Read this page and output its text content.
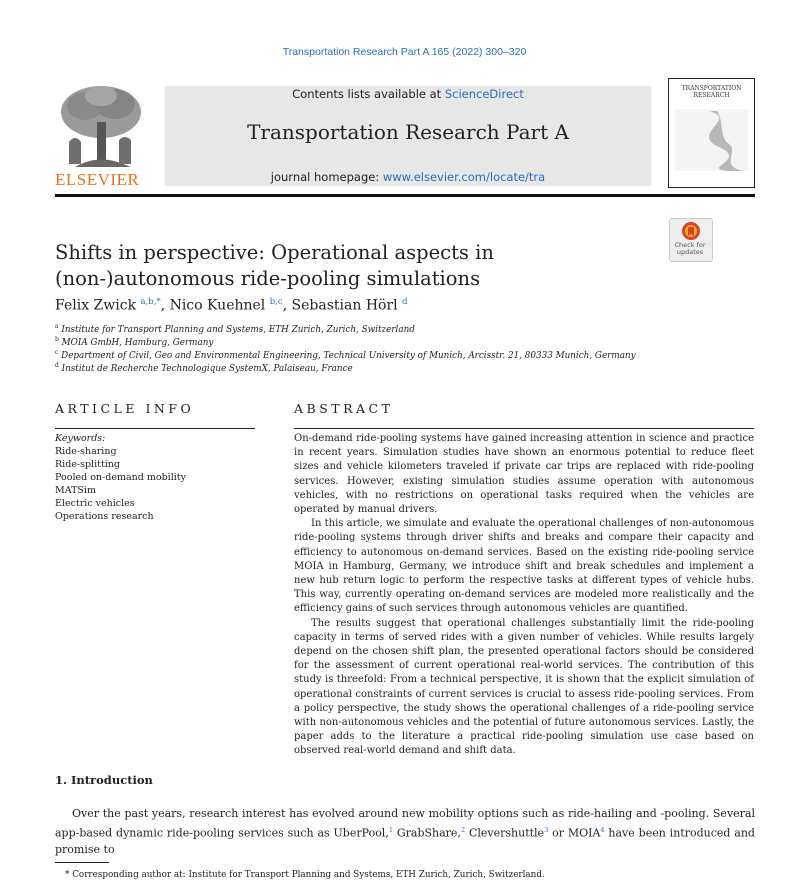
Transportation Research Part A 165 (2022) 300–320
ELSEVIER
Contents lists available at ScienceDirect
Transportation Research Part A
journal homepage: www.elsevier.com/locate/tra
TRANSPORTATION
RESEARCH
Check for updates
Shifts in perspective: Operational aspects in (non-)autonomous ride-pooling simulations
Felix Zwick $^{a,b,*}$, Nico Kuehnel $^{b,c}$, Sebastian Hörl $^d$
$^a$ Institute for Transport Planning and Systems, ETH Zurich, Zurich, Switzerland
$^b$ MOIA GmbH, Hamburg, Germany
$^c$ Department of Civil, Geo and Environmental Engineering, Technical University of Munich, Arcisstr. 21, 80333 Munich, Germany
$^d$ Institut de Recherche Technologique SystemX, Palaiseau, France
ARTICLE INFO
Keywords:
Ride-sharing
Ride-splitting
Pooled on-demand mobility
MATSim
Electric vehicles
Operations research
ABSTRACT

On-demand ride-pooling systems have gained increasing attention in science and practice in recent years. Simulation studies have shown an enormous potential to reduce fleet sizes and vehicle kilometers traveled if private car trips are replaced with ride-pooling services. However, existing simulation studies assume operation with autonomous vehicles, with no restrictions on operational tasks required when the vehicles are operated by manual drivers.

In this article, we simulate and evaluate the operational challenges of non-autonomous ride-pooling systems through driver shifts and breaks and compare their capacity and efficiency to autonomous on-demand services. Based on the existing ride-pooling service MOIA in Hamburg, Germany, we introduce shift and break schedules and implement a new hub return logic to perform the respective tasks at different types of vehicle hubs. This way, currently operating on-demand services are modeled more realistically and the efficiency gains of such services through autonomous vehicles are quantified.

The results suggest that operational challenges substantially limit the ride-pooling capacity in terms of served rides with a given number of vehicles. While results largely depend on the chosen shift plan, the presented operational factors should be considered for the assessment of current operational real-world services. The contribution of this study is threefold: From a technical perspective, it is shown that the explicit simulation of operational constraints of current services is crucial to assess ride-pooling services. From a policy perspective, the study shows the operational challenges of a ride-pooling service with non-autonomous vehicles and the potential of future autonomous services. Lastly, the paper adds to the literature a practical ride-pooling simulation use case based on observed real-world demand and shift data.

1. Introduction
Over the past years, research interest has evolved around new mobility options such as ride-hailing and -pooling. Several app-based dynamic ride-pooling services such as UberPool,$^1$ GrabShare,$^2$ Clevershuttle$^3$ or MOIA$^4$ have been introduced and promise to
* Corresponding author at: Institute for Transport Planning and Systems, ETH Zurich, Zurich, Switzerland.
